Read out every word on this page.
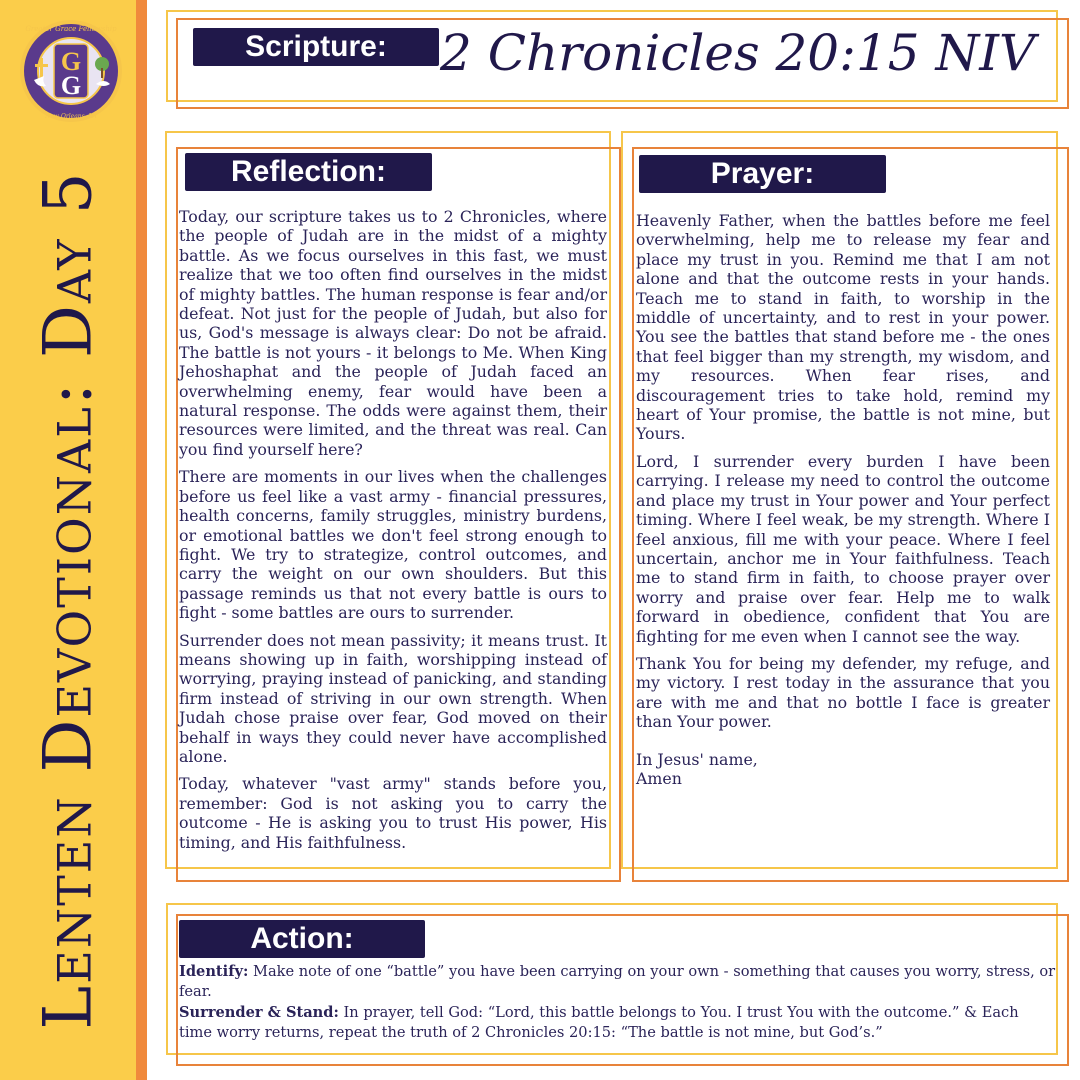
G
G
Greater Grace Fellowship
New Orleans, LA
Lenten Devotional: Day 5
Scripture:	2 Chronicles 20:15 NIV
Reflection:

Today, our scripture takes us to 2 Chronicles, where the people of Judah are in the midst of a mighty battle. As we focus ourselves in this fast, we must realize that we too often find ourselves in the midst of mighty battles. The human response is fear and/or defeat. Not just for the people of Judah, but also for us, God's message is always clear: Do not be afraid. The battle is not yours - it belongs to Me. When King Jehoshaphat and the people of Judah faced an overwhelming enemy, fear would have been a natural response. The odds were against them, their resources were limited, and the threat was real. Can you find yourself here?

There are moments in our lives when the challenges before us feel like a vast army - financial pressures, health concerns, family struggles, ministry burdens, or emotional battles we don't feel strong enough to fight. We try to strategize, control outcomes, and carry the weight on our own shoulders. But this passage reminds us that not every battle is ours to fight - some battles are ours to surrender.

Surrender does not mean passivity; it means trust. It means showing up in faith, worshipping instead of worrying, praying instead of panicking, and standing firm instead of striving in our own strength. When Judah chose praise over fear, God moved on their behalf in ways they could never have accomplished alone.

Today, whatever "vast army" stands before you, remember: God is not asking you to carry the outcome - He is asking you to trust His power, His timing, and His faithfulness.

Prayer:

Heavenly Father, when the battles before me feel overwhelming, help me to release my fear and place my trust in you. Remind me that I am not alone and that the outcome rests in your hands. Teach me to stand in faith, to worship in the middle of uncertainty, and to rest in your power. You see the battles that stand before me - the ones that feel bigger than my strength, my wisdom, and my resources. When fear rises, and discouragement tries to take hold, remind my heart of Your promise, the battle is not mine, but Yours.

Lord, I surrender every burden I have been carrying. I release my need to control the outcome and place my trust in Your power and Your perfect timing. Where I feel weak, be my strength. Where I feel anxious, fill me with your peace. Where I feel uncertain, anchor me in Your faithfulness. Teach me to stand firm in faith, to choose prayer over worry and praise over fear. Help me to walk forward in obedience, confident that You are fighting for me even when I cannot see the way.

Thank You for being my defender, my refuge, and my victory. I rest today in the assurance that you are with me and that no bottle I face is greater than Your power.

In Jesus' name,
Amen
Action:

Identify: Make note of one “battle” you have been carrying on your own - something that causes you worry, stress, or fear.

Surrender & Stand: In prayer, tell God: “Lord, this battle belongs to You. I trust You with the outcome.” & Each time worry returns, repeat the truth of 2 Chronicles 20:15: “The battle is not mine, but God’s.”
